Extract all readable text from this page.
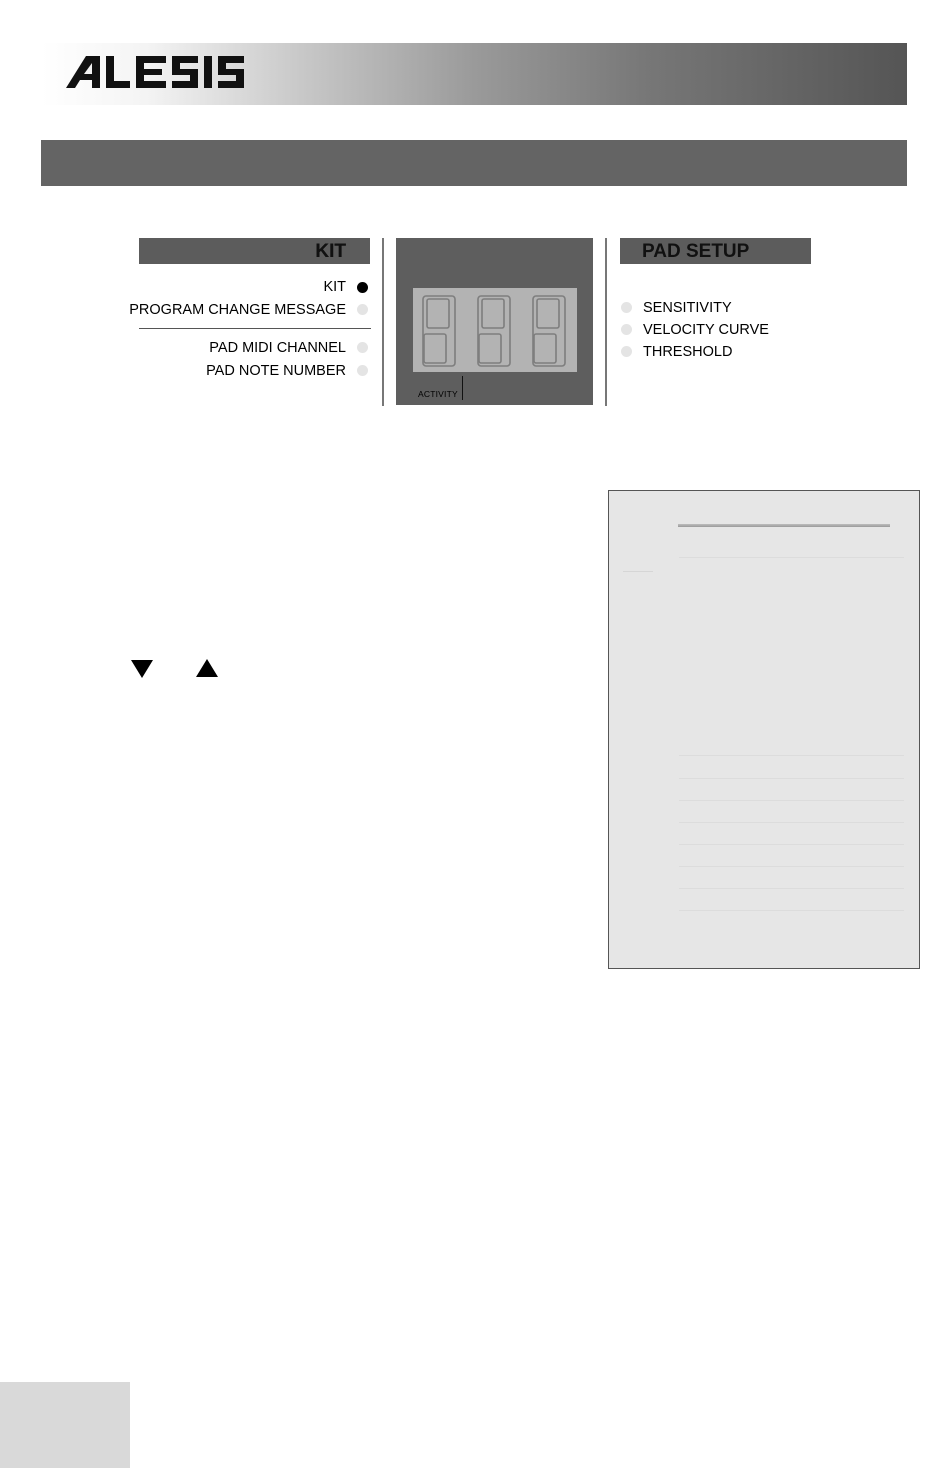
KIT
KIT
PROGRAM CHANGE MESSAGE
PAD MIDI CHANNEL
PAD NOTE NUMBER
ACTIVITY
PAD SETUP
SENSITIVITY
VELOCITY CURVE
THRESHOLD
